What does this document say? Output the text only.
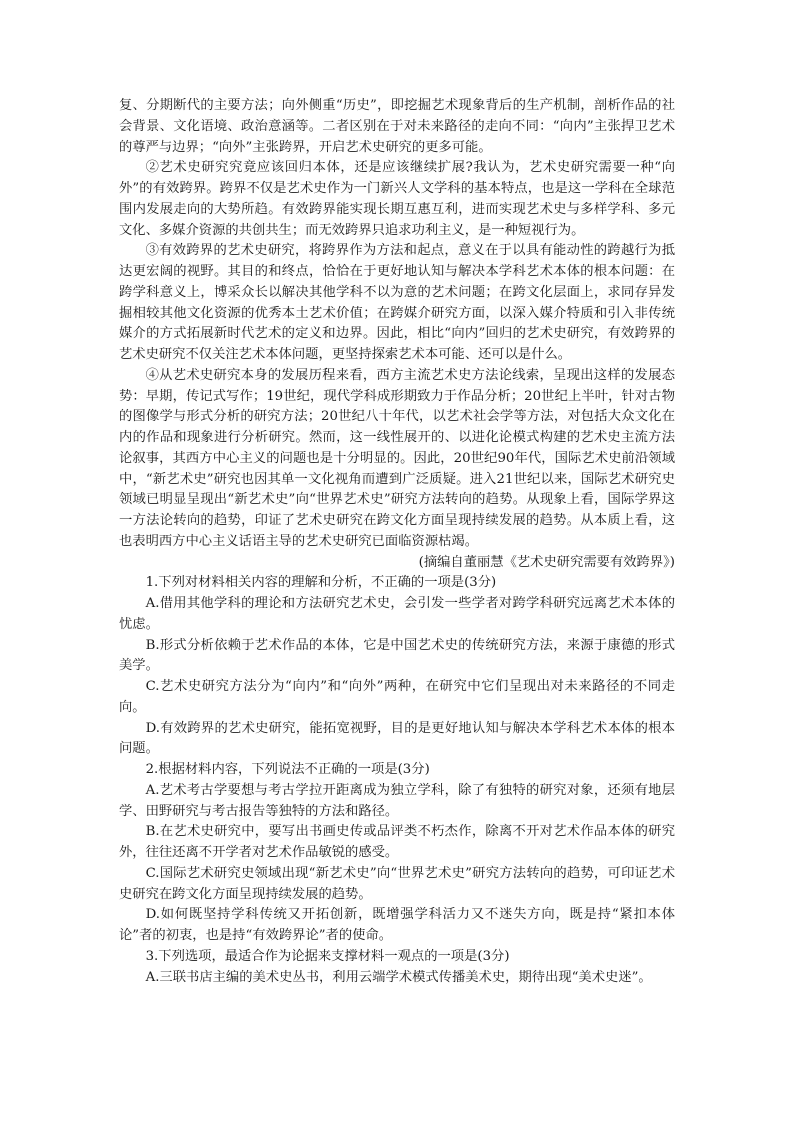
复、分期断代的主要方法；向外侧重“历史”，即挖掘艺术现象背后的生产机制，剖析作品的社会背景、文化语境、政治意涵等。二者区别在于对未来路径的走向不同：“向内”主张捍卫艺术的尊严与边界；“向外”主张跨界，开启艺术史研究的更多可能。

②艺术史研究究竟应该回归本体，还是应该继续扩展?我认为，艺术史研究需要一种“向外”的有效跨界。跨界不仅是艺术史作为一门新兴人文学科的基本特点，也是这一学科在全球范围内发展走向的大势所趋。有效跨界能实现长期互惠互利，进而实现艺术史与多样学科、多元文化、多媒介资源的共创共生；而无效跨界只追求功利主义，是一种短视行为。

③有效跨界的艺术史研究，将跨界作为方法和起点，意义在于以具有能动性的跨越行为抵达更宏阔的视野。其目的和终点，恰恰在于更好地认知与解决本学科艺术本体的根本问题：在跨学科意义上，博采众长以解决其他学科不以为意的艺术问题；在跨文化层面上，求同存异发掘相较其他文化资源的优秀本土艺术价值；在跨媒介研究方面，以深入媒介特质和引入非传统媒介的方式拓展新时代艺术的定义和边界。因此，相比“向内”回归的艺术史研究，有效跨界的艺术史研究不仅关注艺术本体问题，更坚持探索艺术本可能、还可以是什么。

④从艺术史研究本身的发展历程来看，西方主流艺术史方法论线索，呈现出这样的发展态势：早期，传记式写作；19世纪，现代学科成形期致力于作品分析；20世纪上半叶，针对古物的图像学与形式分析的研究方法；20世纪八十年代，以艺术社会学等方法，对包括大众文化在内的作品和现象进行分析研究。然而，这一线性展开的、以进化论模式构建的艺术史主流方法论叙事，其西方中心主义的问题也是十分明显的。因此，20世纪90年代，国际艺术史前沿领域中，“新艺术史”研究也因其单一文化视角而遭到广泛质疑。进入21世纪以来，国际艺术研究史领域已明显呈现出“新艺术史”向“世界艺术史”研究方法转向的趋势。从现象上看，国际学界这一方法论转向的趋势，印证了艺术史研究在跨文化方面呈现持续发展的趋势。从本质上看，这也表明西方中心主义话语主导的艺术史研究已面临资源枯竭。

(摘编自董丽慧《艺术史研究需要有效跨界》)

1.下列对材料相关内容的理解和分析，不正确的一项是(3分)

A.借用其他学科的理论和方法研究艺术史，会引发一些学者对跨学科研究远离艺术本体的忧虑。

B.形式分析依赖于艺术作品的本体，它是中国艺术史的传统研究方法，来源于康德的形式美学。

C.艺术史研究方法分为“向内”和“向外”两种，在研究中它们呈现出对未来路径的不同走向。

D.有效跨界的艺术史研究，能拓宽视野，目的是更好地认知与解决本学科艺术本体的根本问题。

2.根据材料内容，下列说法不正确的一项是(3分)

A.艺术考古学要想与考古学拉开距离成为独立学科，除了有独特的研究对象，还须有地层学、田野研究与考古报告等独特的方法和路径。

B.在艺术史研究中，要写出书画史传或品评类不朽杰作，除离不开对艺术作品本体的研究外，往往还离不开学者对艺术作品敏锐的感受。

C.国际艺术研究史领域出现“新艺术史”向“世界艺术史”研究方法转向的趋势，可印证艺术史研究在跨文化方面呈现持续发展的趋势。

D.如何既坚持学科传统又开拓创新，既增强学科活力又不迷失方向，既是持“紧扣本体论”者的初衷，也是持“有效跨界论”者的使命。

3.下列选项，最适合作为论据来支撑材料一观点的一项是(3分)

A.三联书店主编的美术史丛书，利用云端学术模式传播美术史，期待出现“美术史迷”。
